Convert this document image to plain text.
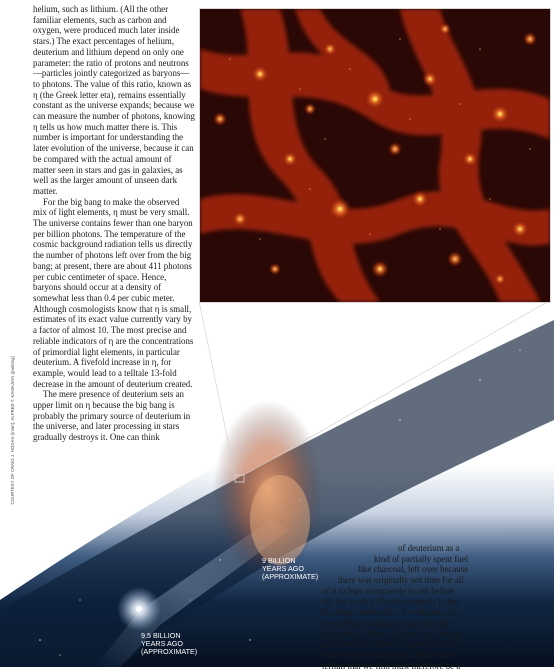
helium, such as lithium. (All the other familiar elements, such as carbon and oxygen, were produced much later inside stars.) The exact percentages of helium, deuterium and lithium depend on only one parameter: the ratio of protons and neutrons—particles jointly categorized as baryons—to photons. The value of this ratio, known as η (the Greek letter eta), remains essentially constant as the universe expands; because we can measure the number of photons, knowing η tells us how much matter there is. This number is important for understanding the later evolution of the universe, because it can be compared with the actual amount of matter seen in stars and gas in galaxies, as well as the larger amount of unseen dark matter.

For the big bang to make the observed mix of light elements, η must be very small. The universe contains fewer than one baryon per billion photons. The temperature of the cosmic background radiation tells us directly the number of photons left over from the big bang; at present, there are about 411 photons per cubic centimeter of space. Hence, baryons should occur at a density of somewhat less than 0.4 per cubic meter. Although cosmologists know that η is small, estimates of its exact value currently vary by a factor of almost 10. The most precise and reliable indicators of η are the concentrations of primordial light elements, in particular deuterium. A fivefold increase in η, for example, would lead to a telltale 13-fold decrease in the amount of deuterium created.

The mere presence of deuterium sets an upper limit on η because the big bang is probably the primary source of deuterium in the universe, and later processing in stars gradually destroys it. One can think

COURTESY OF CRAIG J. HOGAN (inset); ALFRED T. KAMAJIAN (painting)
9 BILLION
YEARS AGO
(APPROXIMATE)
9.5 BILLION
YEARS AGO
(APPROXIMATE)
of deuterium as a
kind of partially spent fuel
like charcoal, left over because
there was originally not time for all
of it to burn completely to ash before
the fire cooled. Nucleosynthesis in the
big bang lasted only a few minutes, but
the nuclear burning in stars lasts for
millions or billions of years; as a result,
any deuterium there is converted to he-
lium or heavier elements. All the deu-
terium that we find must therefore be a
